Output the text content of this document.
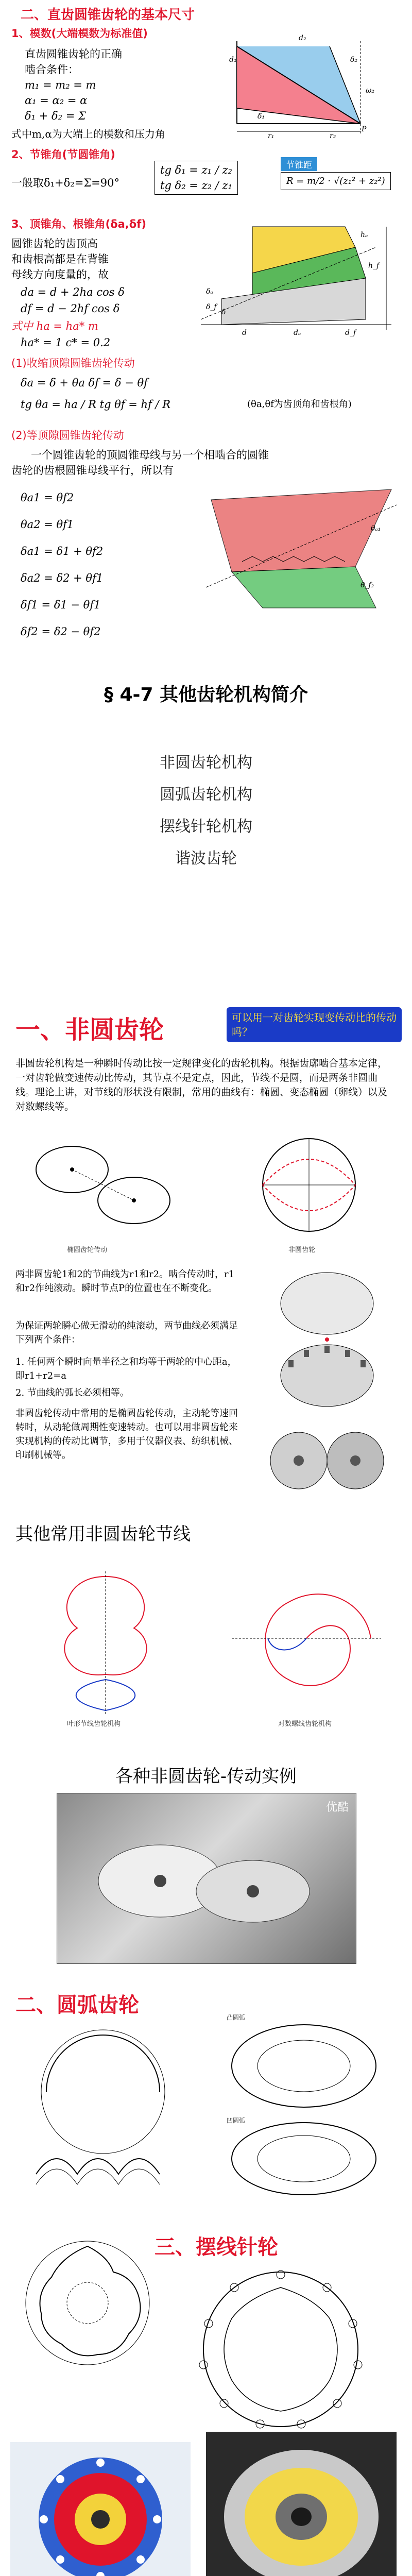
二、直齿圆锥齿轮的基本尺寸
1、模数(大端模数为标准值)
直齿圆锥齿轮的正确
啮合条件：
m₁ = m₂ = m
α₁ = α₂ = α
δ₁ + δ₂ = Σ
式中m,α为大端上的模数和压力角
d₁
r₁	r₂
δ₂
δ₁
ω₂
d₂
P
2、节锥角(节圆锥角)
一般取δ₁+δ₂=Σ=90°
tg δ₁ = z₁ / z₂
tg δ₂ = z₂ / z₁
节锥距
R = m/2 · √(z₁² + z₂²)
3、顶锥角、根锥角(δa,δf)
圆锥齿轮的齿顶高
和齿根高都是在背锥
母线方向度量的，故
da = d + 2ha cos δ
df = d − 2hf cos δ
式中 ha = ha* m
ha* = 1 c* = 0.2
d	dₐ	d_f
hₐ
h_f
δ
δₐ
δ_f
(1)收缩顶隙圆锥齿轮传动
δa = δ + θa δf = δ − θf
tg θa = ha / R tg θf = hf / R	(θa,θf为齿顶角和齿根角)
(2)等顶隙圆锥齿轮传动
一个圆锥齿轮的顶圆锥母线与另一个相啮合的圆锥
齿轮的齿根圆锥母线平行，所以有
θa1 = θf2
θa2 = θf1
δa1 = δ1 + θf2
δa2 = δ2 + θf1
δf1 = δ1 − θf1
δf2 = δ2 − θf2
θₐ₁
θ_f₂
§ 4-7 其他齿轮机构简介
非圆齿轮机构
圆弧齿轮机构
摆线针轮机构
谐波齿轮
一、非圆齿轮	可以用一对齿轮实现变传动比的传动吗？
非圆齿轮机构是一种瞬时传动比按一定规律变化的齿轮机构。根据齿廓啮合基本定律，一对齿轮做变速传动比传动，其节点不是定点，因此，节线不是圆，而是两条非圆曲线。理论上讲，对节线的形状没有限制，常用的曲线有：椭圆、变态椭圆（卵线）以及对数螺线等。
椭圆齿轮传动	非圆齿轮
两非圆齿轮1和2的节曲线为r1和r2。啮合传动时，r1和r2作纯滚动。瞬时节点P的位置也在不断变化。
为保证两轮瞬心做无滑动的纯滚动，两节曲线必须满足下列两个条件：
1. 任何两个瞬时向量半径之和均等于两轮的中心距a，即r1+r2=a
2. 节曲线的弧长必须相等。
非圆齿轮传动中常用的是椭圆齿轮传动，主动轮等速回转时，从动轮做周期性变速转动。也可以用非圆齿轮来实现机构的传动比调节，多用于仪器仪表、纺织机械、印刷机械等。
其他常用非圆齿轮节线
叶形节线齿轮机构	对数螺线齿轮机构
各种非圆齿轮-传动实例
优酷
二、圆弧齿轮
凸圆弧
凹圆弧
三、摆线针轮
